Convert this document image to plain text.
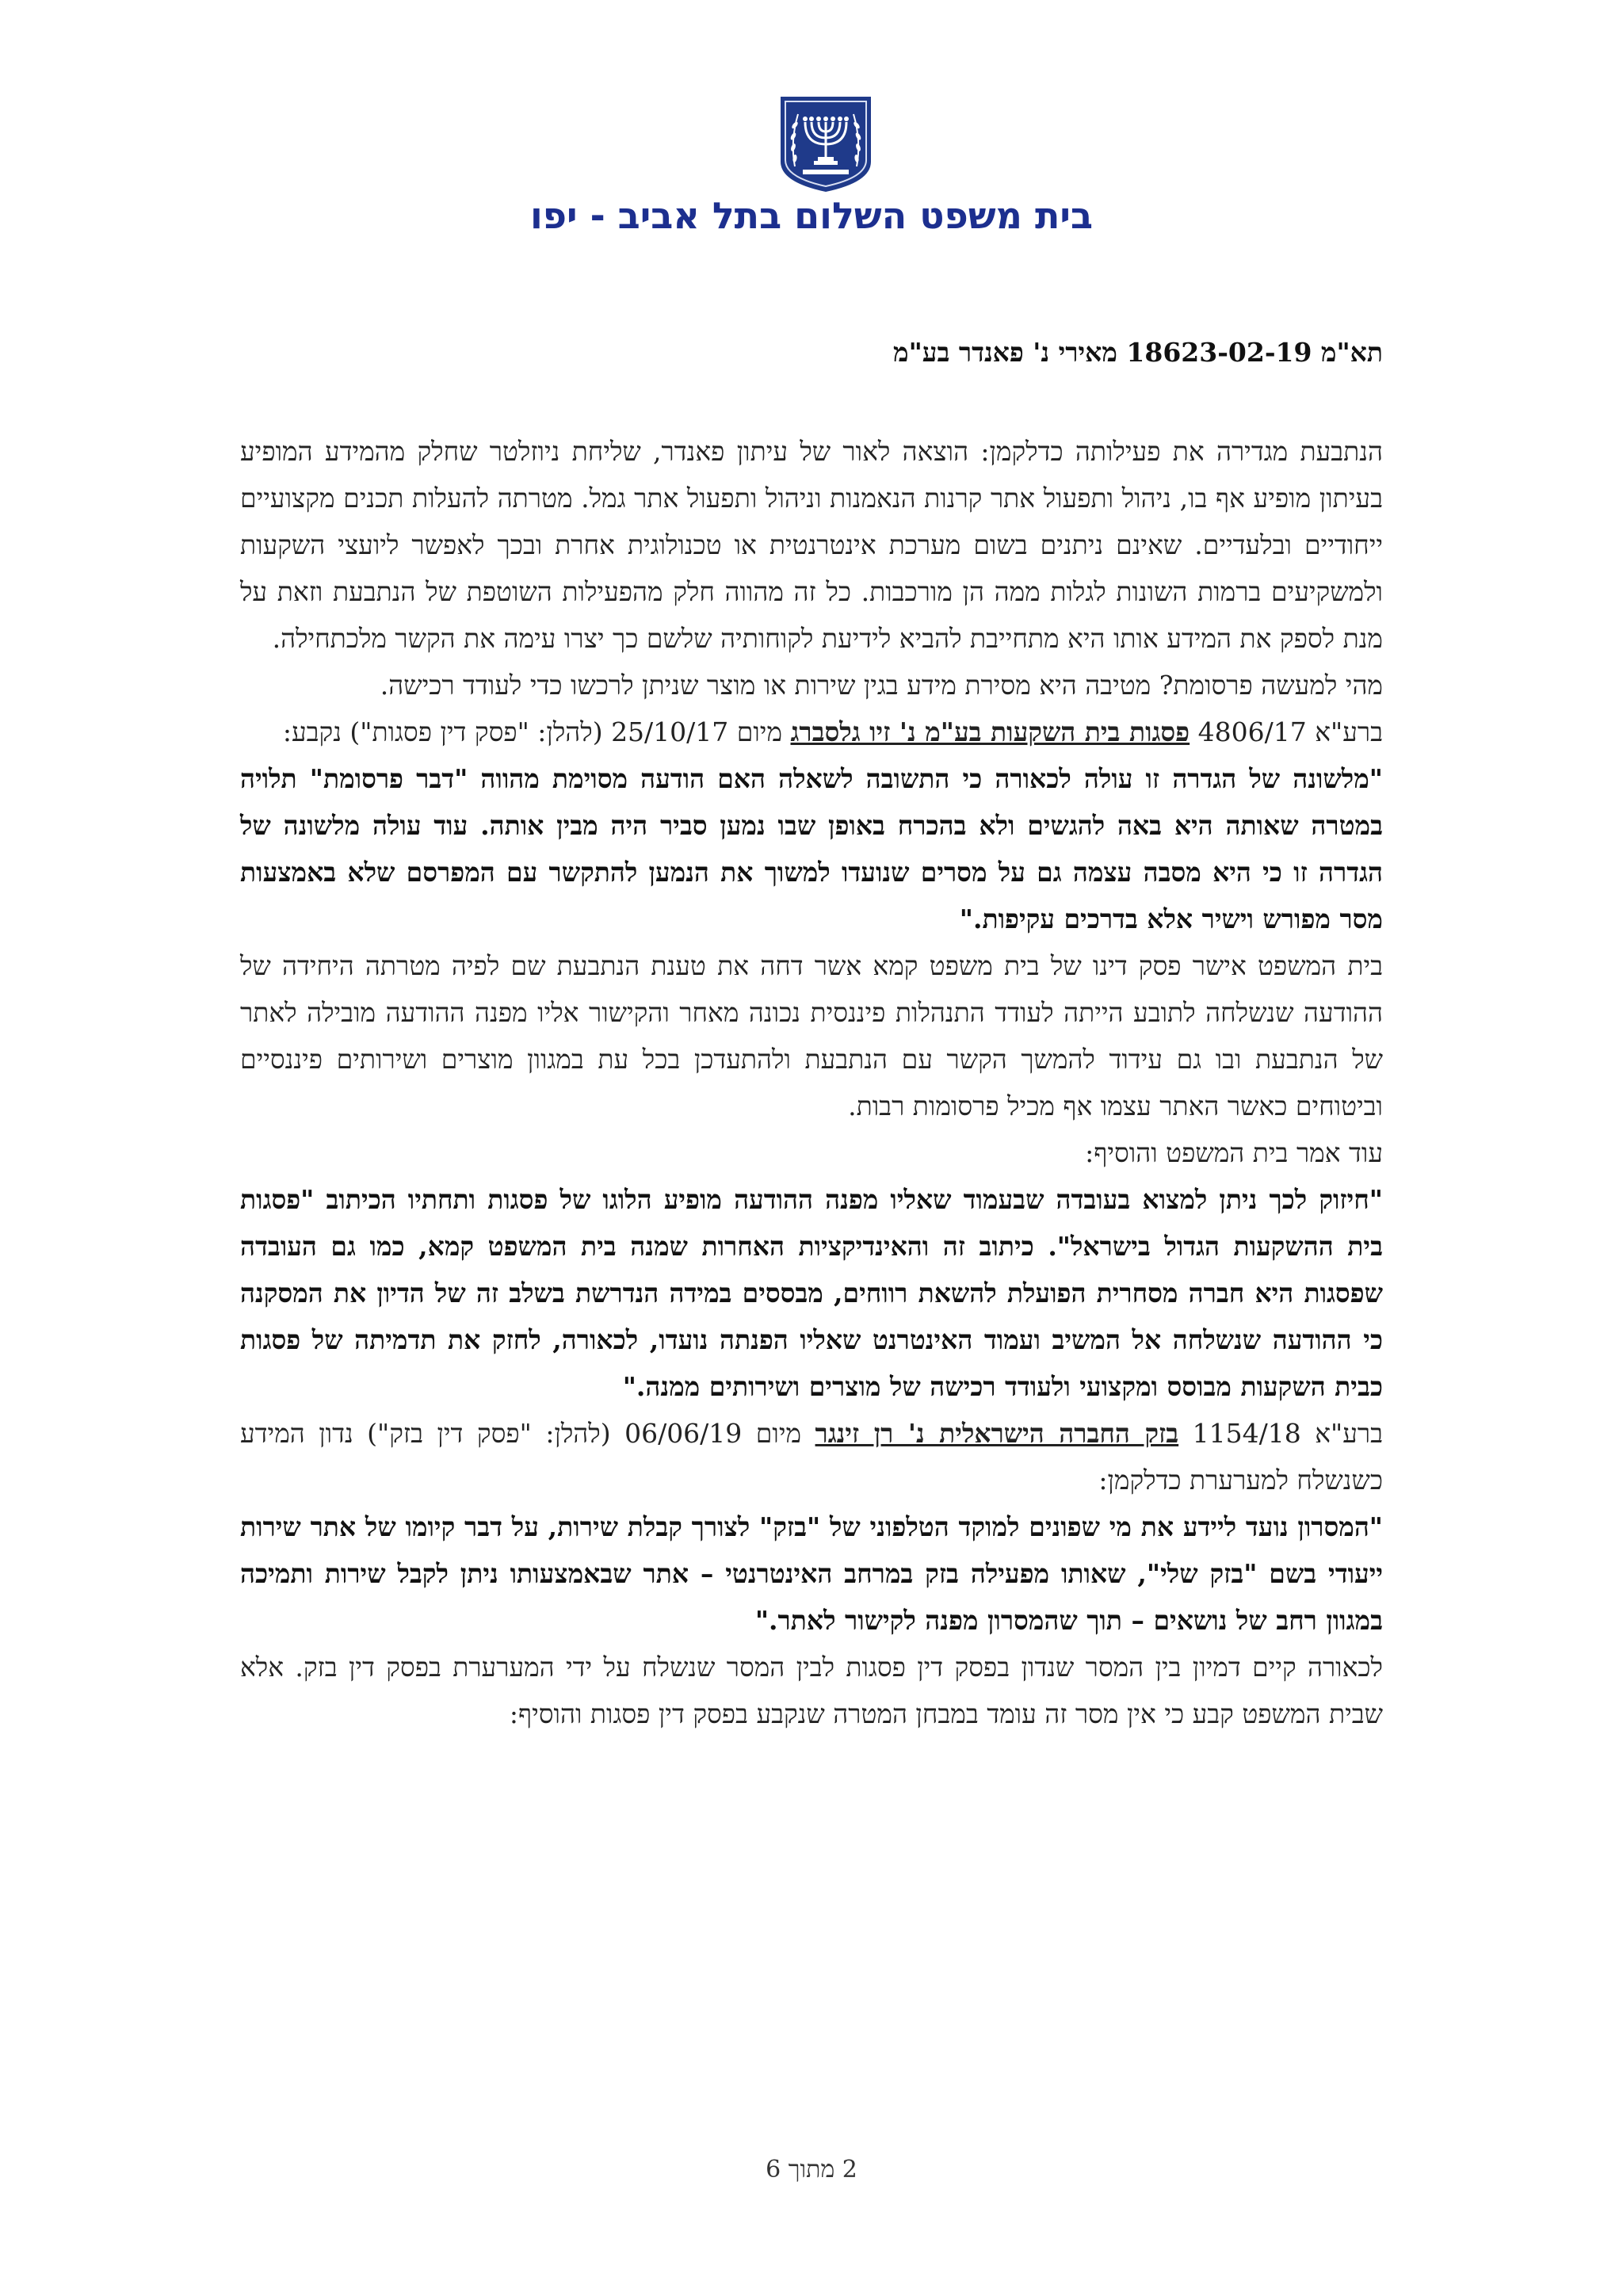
בית משפט השלום בתל אביב - יפו
תא"מ 18623-02-19 מאירי נ' פאנדר בע"מ

הנתבעת מגדירה את פעילותה כדלקמן: הוצאה לאור של עיתון פאנדר, שליחת ניוזלטר שחלק מהמידע המופיע בעיתון מופיע אף בו, ניהול ותפעול אתר קרנות הנאמנות וניהול ותפעול אתר גמל. מטרתה להעלות תכנים מקצועיים ייחודיים ובלעדיים. שאינם ניתנים בשום מערכת אינטרנטית או טכנולוגית אחרת ובכך לאפשר ליועצי השקעות ולמשקיעים ברמות השונות לגלות ממה הן מורכבות. כל זה מהווה חלק מהפעילות השוטפת של הנתבעת וזאת על מנת לספק את המידע אותו היא מתחייבת להביא לידיעת לקוחותיה שלשם כך יצרו עימה את הקשר מלכתחילה.

מהי למעשה פרסומת? מטיבה היא מסירת מידע בגין שירות או מוצר שניתן לרכשו כדי לעודד רכישה.

ברע"א 4806/17 פסגות בית השקעות בע"מ נ' זיו גלסברג מיום 25/10/17 (להלן: "פסק דין פסגות") נקבע:

"מלשונה של הגדרה זו עולה לכאורה כי התשובה לשאלה האם הודעה מסוימת מהווה "דבר פרסומת" תלויה במטרה שאותה היא באה להגשים ולא בהכרח באופן שבו נמען סביר היה מבין אותה. עוד עולה מלשונה של הגדרה זו כי היא מסבה עצמה גם על מסרים שנועדו למשוך את הנמען להתקשר עם המפרסם שלא באמצעות מסר מפורש וישיר אלא בדרכים עקיפות."

בית המשפט אישר פסק דינו של בית משפט קמא אשר דחה את טענת הנתבעת שם לפיה מטרתה היחידה של ההודעה שנשלחה לתובע הייתה לעודד התנהלות פיננסית נכונה מאחר והקישור אליו מפנה ההודעה מובילה לאתר של הנתבעת ובו גם עידוד להמשך הקשר עם הנתבעת ולהתעדכן בכל עת במגוון מוצרים ושירותים פיננסיים וביטוחים כאשר האתר עצמו אף מכיל פרסומות רבות.

עוד אמר בית המשפט והוסיף:

"חיזוק לכך ניתן למצוא בעובדה שבעמוד שאליו מפנה ההודעה מופיע הלוגו של פסגות ותחתיו הכיתוב "פסגות בית ההשקעות הגדול בישראל". כיתוב זה והאינדיקציות האחרות שמנה בית המשפט קמא, כמו גם העובדה שפסגות היא חברה מסחרית הפועלת להשאת רווחים, מבססים במידה הנדרשת בשלב זה של הדיון את המסקנה כי ההודעה שנשלחה אל המשיב ועמוד האינטרנט שאליו הפנתה נועדו, לכאורה, לחזק את תדמיתה של פסגות כבית השקעות מבוסס ומקצועי ולעודד רכישה של מוצרים ושירותים ממנה."

ברע"א 1154/18 בזק החברה הישראלית נ' רן זינגר מיום 06/06/19 (להלן: "פסק דין בזק") נדון המידע כשנשלח למערערת כדלקמן:

"המסרון נועד ליידע את מי שפונים למוקד הטלפוני של "בזק" לצורך קבלת שירות, על דבר קיומו של אתר שירות ייעודי בשם "בזק שלי", שאותו מפעילה בזק במרחב האינטרנטי – אתר שבאמצעותו ניתן לקבל שירות ותמיכה במגוון רחב של נושאים – תוך שהמסרון מפנה לקישור לאתר."

לכאורה קיים דמיון בין המסר שנדון בפסק דין פסגות לבין המסר שנשלח על ידי המערערת בפסק דין בזק. אלא שבית המשפט קבע כי אין מסר זה עומד במבחן המטרה שנקבע בפסק דין פסגות והוסיף:

2 מתוך 6
